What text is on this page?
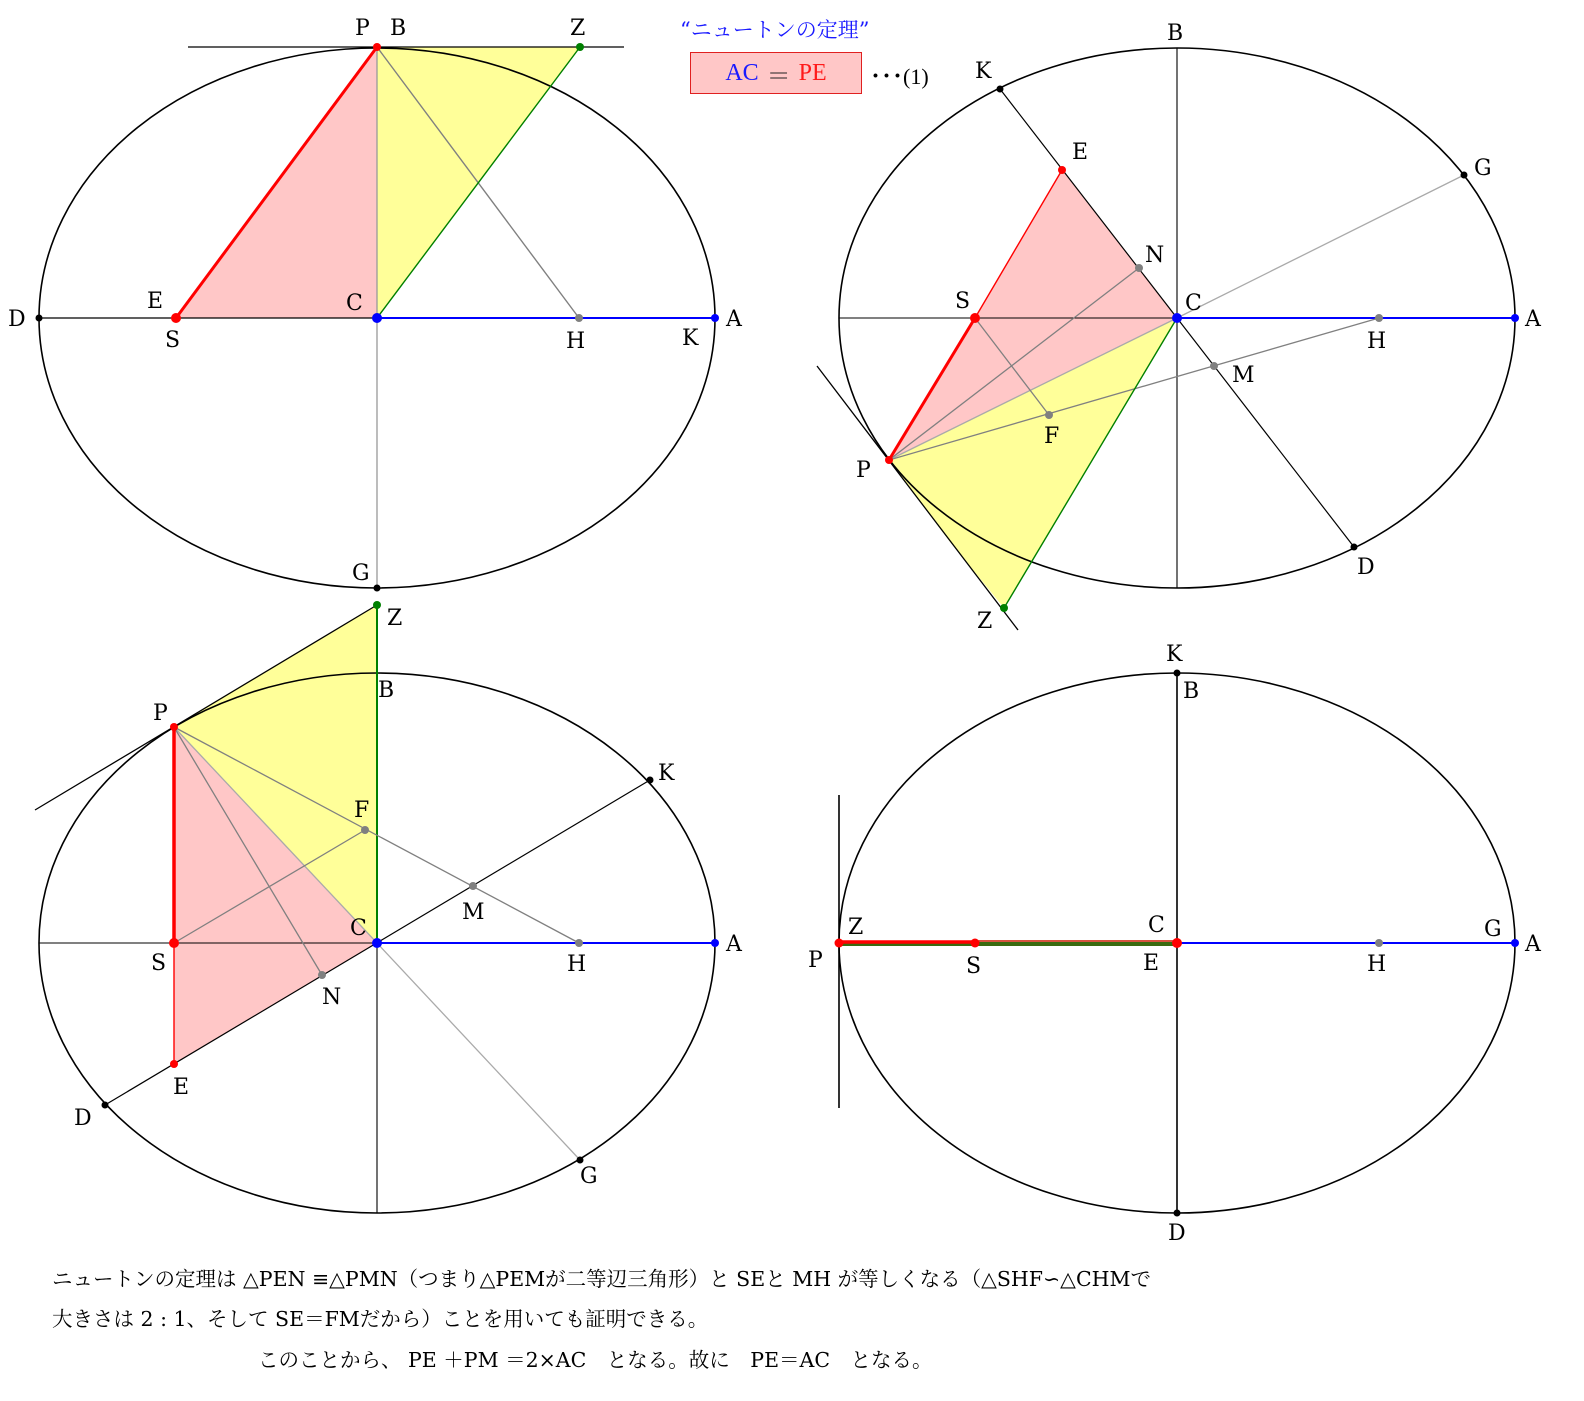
P B	Z
D
E
S
C
H	K
A
G
B
K
E
G
N
S	C
A
H
M
F
P
D
Z
Z
B
P
K
F
M
C
A
S	H
N
E
D
G
K
B
Z	C	G
A
P	S	E	H
D
“ニュートンの定理”
AC ＝ PE ･･･(1)
ニュートンの定理は △PEN ≡△PMN（つまり△PEMが二等辺三角形）と SEと MH が等しくなる（△SHF∽△CHMで
大きさは 2 : 1、そして SE＝FMだから）ことを用いても証明できる。
このことから、 PE ＋PM ＝2×AC　となる。故に　PE＝AC　となる。
